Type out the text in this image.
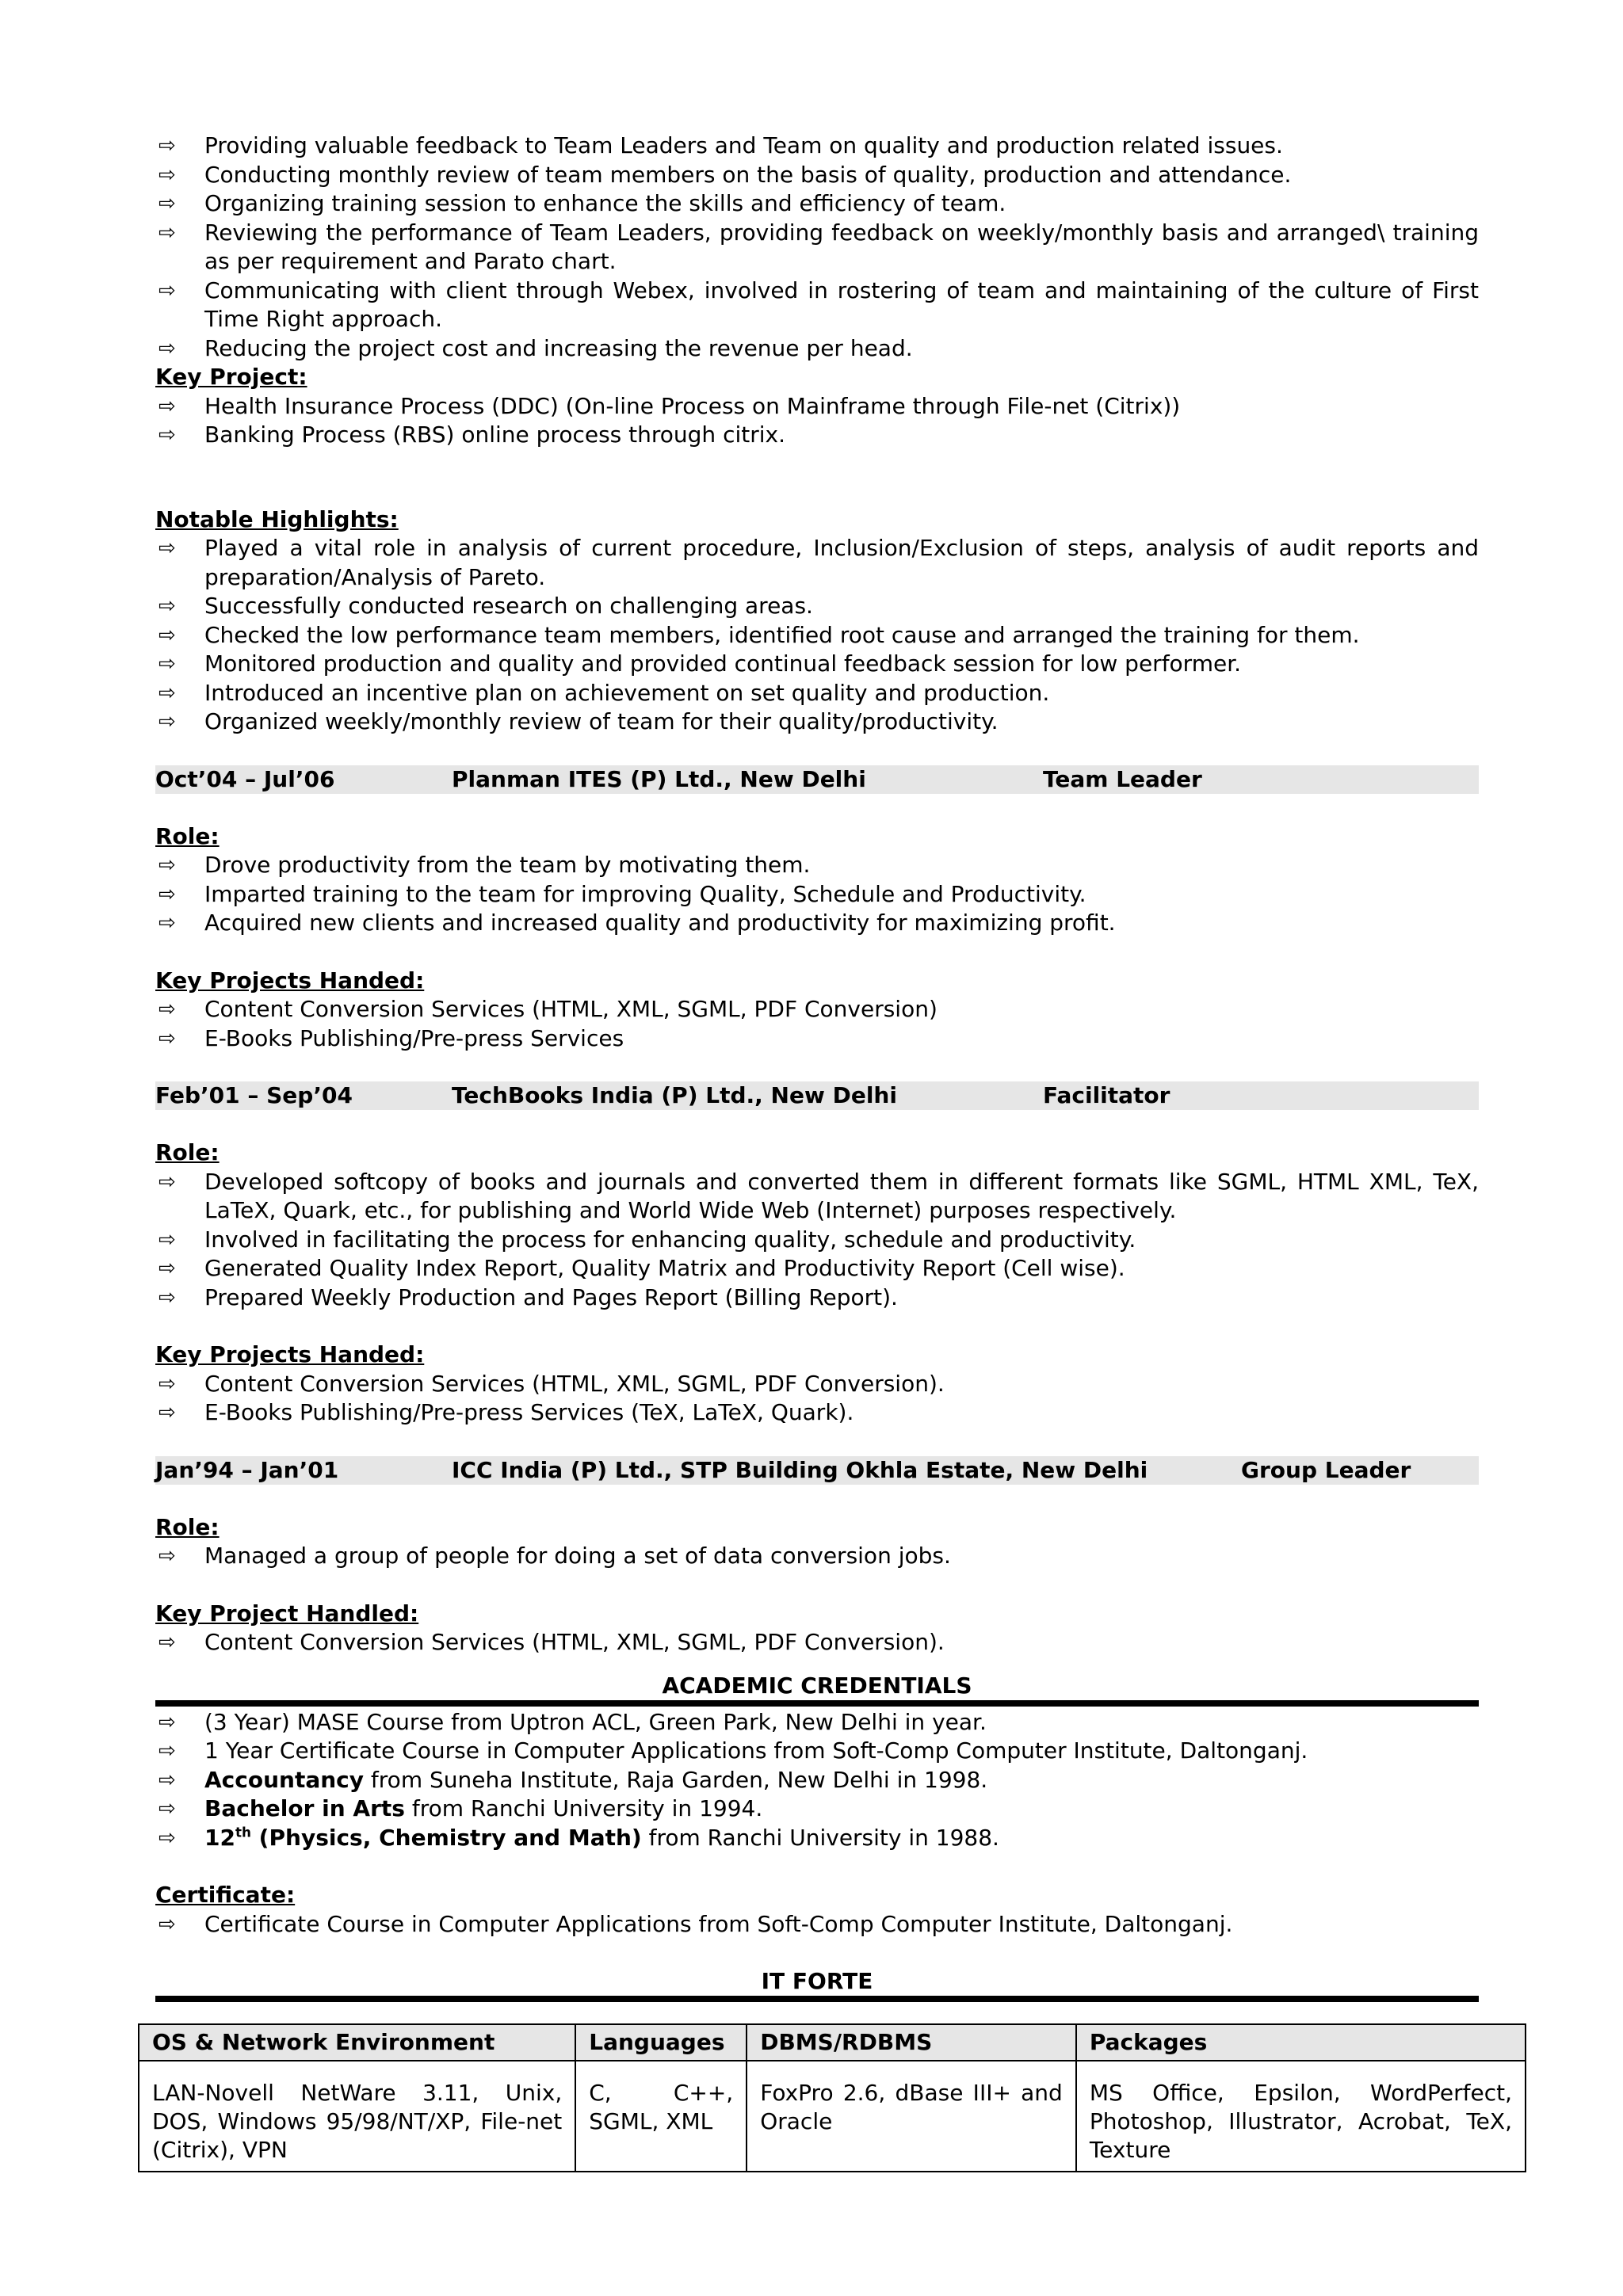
⇨ Providing valuable feedback to Team Leaders and Team on quality and production related issues.
⇨ Conducting monthly review of team members on the basis of quality, production and attendance.
⇨ Organizing training session to enhance the skills and efficiency of team.
⇨ Reviewing the performance of Team Leaders, providing feedback on weekly/monthly basis and arranged\ training as per requirement and Parato chart.
⇨ Communicating with client through Webex, involved in rostering of team and maintaining of the culture of First Time Right approach.
⇨ Reducing the project cost and increasing the revenue per head.
Key Project:
⇨ Health Insurance Process (DDC) (On-line Process on Mainframe through File-net (Citrix))
⇨ Banking Process (RBS) online process through citrix.
Notable Highlights:
⇨ Played a vital role in analysis of current procedure, Inclusion/Exclusion of steps, analysis of audit reports and preparation/Analysis of Pareto.
⇨ Successfully conducted research on challenging areas.
⇨ Checked the low performance team members, identified root cause and arranged the training for them.
⇨ Monitored production and quality and provided continual feedback session for low performer.
⇨ Introduced an incentive plan on achievement on set quality and production.
⇨ Organized weekly/monthly review of team for their quality/productivity.
Oct’04 – Jul’06	Planman ITES (P) Ltd., New Delhi	Team Leader
Role:
⇨ Drove productivity from the team by motivating them.
⇨ Imparted training to the team for improving Quality, Schedule and Productivity.
⇨ Acquired new clients and increased quality and productivity for maximizing profit.
Key Projects Handed:
⇨ Content Conversion Services (HTML, XML, SGML, PDF Conversion)
⇨ E-Books Publishing/Pre-press Services
Feb’01 – Sep’04	TechBooks India (P) Ltd., New Delhi	Facilitator
Role:
⇨ Developed softcopy of books and journals and converted them in different formats like SGML, HTML XML, TeX, LaTeX, Quark, etc., for publishing and World Wide Web (Internet) purposes respectively.
⇨ Involved in facilitating the process for enhancing quality, schedule and productivity.
⇨ Generated Quality Index Report, Quality Matrix and Productivity Report (Cell wise).
⇨ Prepared Weekly Production and Pages Report (Billing Report).
Key Projects Handed:
⇨ Content Conversion Services (HTML, XML, SGML, PDF Conversion).
⇨ E-Books Publishing/Pre-press Services (TeX, LaTeX, Quark).
Jan’94 – Jan’01	ICC India (P) Ltd., STP Building Okhla Estate, New Delhi	Group Leader
Role:
⇨ Managed a group of people for doing a set of data conversion jobs.
Key Project Handled:
⇨ Content Conversion Services (HTML, XML, SGML, PDF Conversion).
ACADEMIC CREDENTIALS
⇨ (3 Year) MASE Course from Uptron ACL, Green Park, New Delhi in year.
⇨ 1 Year Certificate Course in Computer Applications from Soft-Comp Computer Institute, Daltonganj.
⇨ Accountancy from Suneha Institute, Raja Garden, New Delhi in 1998.
⇨ Bachelor in Arts from Ranchi University in 1994.
⇨ 12th (Physics, Chemistry and Math) from Ranchi University in 1988.
Certificate:
⇨ Certificate Course in Computer Applications from Soft-Comp Computer Institute, Daltonganj.
IT FORTE
OS & Network Environment	Languages	DBMS/RDBMS	Packages
LAN-Novell NetWare 3.11, Unix, DOS, Windows 95/98/NT/XP, File-net (Citrix), VPN	C, C++, SGML, XML	FoxPro 2.6, dBase III+ and Oracle	MS Office, Epsilon, WordPerfect, Photoshop, Illustrator, Acrobat, TeX, Texture
